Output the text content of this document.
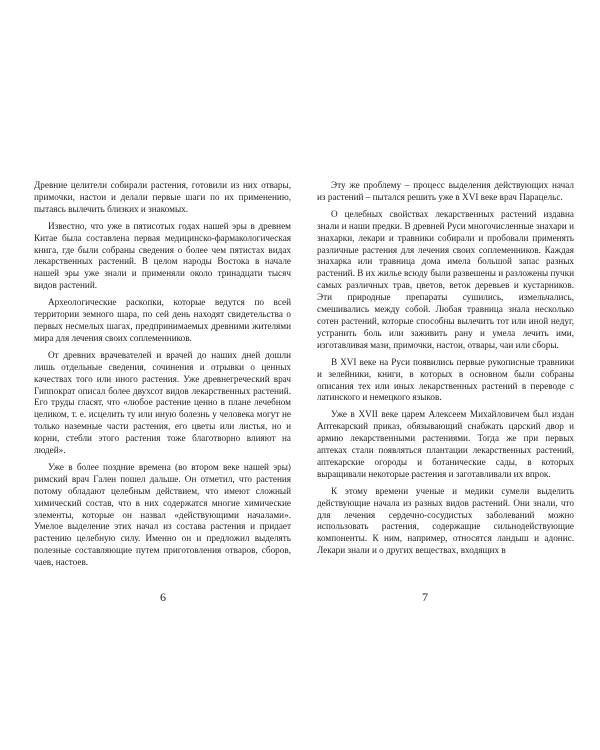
Древние целители собирали растения, готовили из них отвары, примочки, настои и делали первые шаги по их применению, пытаясь вылечить близких и знакомых.

Известно, что уже в пятисотых годах нашей эры в древнем Китае была составлена первая медицинско-фармакологическая книга, где были собраны сведения о более чем пятистах видах лекарственных растений. В целом народы Востока в начале нашей эры уже знали и применяли около тринадцати тысяч видов растений.

Археологические раскопки, которые ведутся по всей территории земного шара, по сей день находят свидетельства о первых несмелых шагах, предпринимаемых древними жителями мира для лечения своих соплеменников.

От древних врачевателей и врачей до наших дней дошли лишь отдельные сведения, сочинения и отрывки о ценных качествах того или иного растения. Уже древнегреческий врач Гиппократ описал более двухсот видов лекарственных растений. Его труды гласят, что «любое растение ценно в плане лечебном целиком, т. е. исцелить ту или иную болезнь у человека могут не только наземные части растения, его цветы или листья, но и корни, стебли этого растения тоже благотворно влияют на людей».

Уже в более поздние времена (во втором веке нашей эры) римский врач Гален пошел дальше. Он отметил, что растения потому обладают целебным действием, что имеют сложный химический состав, что в них содержатся многие химические элементы, которые он назвал «действующими началами». Умелое выделение этих начал из состава растения и придает растению целебную силу. Именно он и предложил выделять полезные составляющие путем приготовления отваров, сборов, чаев, настоев.

Эту же проблему – процесс выделения действующих начал из растений – пытался решить уже в XVI веке врач Парацельс.

О целебных свойствах лекарственных растений издавна знали и наши предки. В древней Руси многочисленные знахари и знахарки, лекари и травники собирали и пробовали применять различные растения для лечения своих соплеменников. Каждая знахарка или травница дома имела большой запас разных растений. В их жилье всюду были развешены и разложены пучки самых различных трав, цветов, веток деревьев и кустарников. Эти природные препараты сушились, измельчались, смешивались между собой. Любая травница знала несколько сотен растений, которые способны вылечить тот или иной недуг, устранить боль или заживить рану и умела лечить ими, изготавливая мази, примочки, настои, отвары, чаи или сборы.

В XVI веке на Руси появились первые рукописные травники и зелейники, книги, в которых в основном были собраны описания тех или иных лекарственных растений в переводе с латинского и немецкого языков.

Уже в XVII веке царем Алексеем Михайловичем был издан Аптекарский приказ, обязывающий снабжать царский двор и армию лекарственными растениями. Тогда же при первых аптеках стали появляться плантации лекарственных растений, аптекарские огороды и ботанические сады, в которых выращивали некоторые растения и заготавливали их впрок.

К этому времени ученые и медики сумели выделить действующие начала из разных видов растений. Они знали, что для лечения сердечно-сосудистых заболеваний можно использовать растения, содержащие сильнодействующие компоненты. К ним, например, относятся ландыш и адонис. Лекари знали и о других веществах, входящих в

6	7
